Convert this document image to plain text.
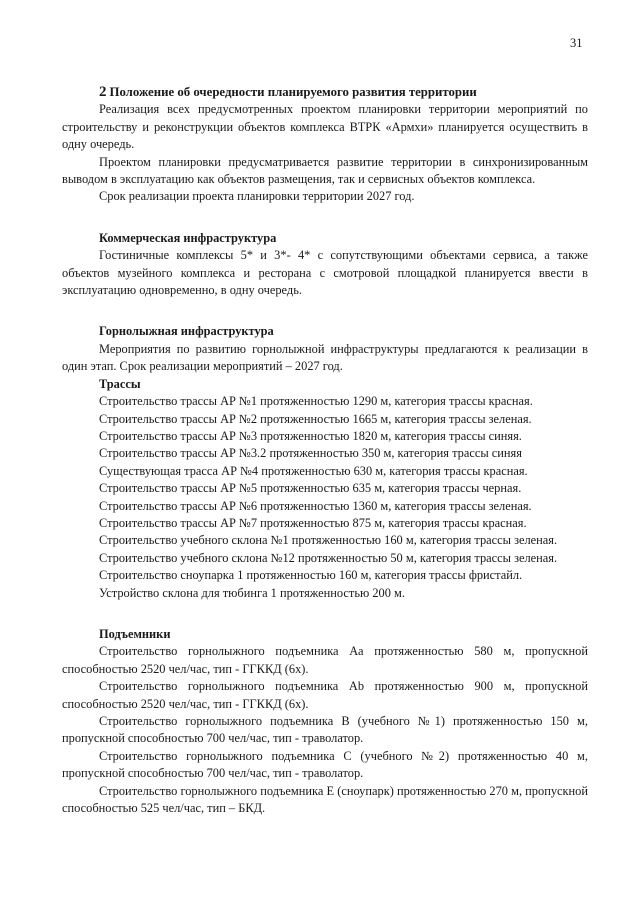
31
2 Положение об очередности планируемого развития территории

Реализация всех предусмотренных проектом планировки территории мероприятий по строительству и реконструкции объектов комплекса ВТРК «Армхи» планируется осуществить в одну очередь.

Проектом планировки предусматривается развитие территории в синхронизированным выводом в эксплуатацию как объектов размещения, так и сервисных объектов комплекса.

Срок реализации проекта планировки территории 2027 год.

Коммерческая инфраструктура

Гостиничные комплексы 5* и 3*- 4* с сопутствующими объектами сервиса, а также объектов музейного комплекса и ресторана с смотровой площадкой планируется ввести в эксплуатацию одновременно, в одну очередь.

Горнолыжная инфраструктура

Мероприятия по развитию горнолыжной инфраструктуры предлагаются к реализации в один этап. Срок реализации мероприятий – 2027 год.

Трассы

Строительство трассы АР №1 протяженностью 1290 м, категория трассы красная.

Строительство трассы АР №2 протяженностью 1665 м, категория трассы зеленая.

Строительство трассы АР №3 протяженностью 1820 м, категория трассы синяя.

Строительство трассы АР №3.2 протяженностью 350 м, категория трассы синяя

Существующая трасса АР №4 протяженностью 630 м, категория трассы красная.

Строительство трассы АР №5 протяженностью 635 м, категория трассы черная.

Строительство трассы АР №6 протяженностью 1360 м, категория трассы зеленая.

Строительство трассы АР №7 протяженностью 875 м, категория трассы красная.

Строительство учебного склона №1 протяженностью 160 м, категория трассы зеленая.

Строительство учебного склона №12 протяженностью 50 м, категория трассы зеленая.

Строительство сноупарка 1 протяженностью 160 м, категория трассы фристайл.

Устройство склона для тюбинга 1 протяженностью 200 м.

Подъемники

Строительство горнолыжного подъемника Аа протяженностью 580 м, пропускной способностью 2520 чел/час, тип - ГГККД (6х).

Строительство горнолыжного подъемника Аb протяженностью 900 м, пропускной способностью 2520 чел/час, тип - ГГККД (6х).

Строительство горнолыжного подъемника В (учебного №1) протяженностью 150 м, пропускной способностью 700 чел/час, тип - траволатор.

Строительство горнолыжного подъемника С (учебного №2) протяженностью 40 м, пропускной способностью 700 чел/час, тип - траволатор.

Строительство горнолыжного подъемника Е (сноупарк) протяженностью 270 м, пропускной способностью 525 чел/час, тип – БКД.
